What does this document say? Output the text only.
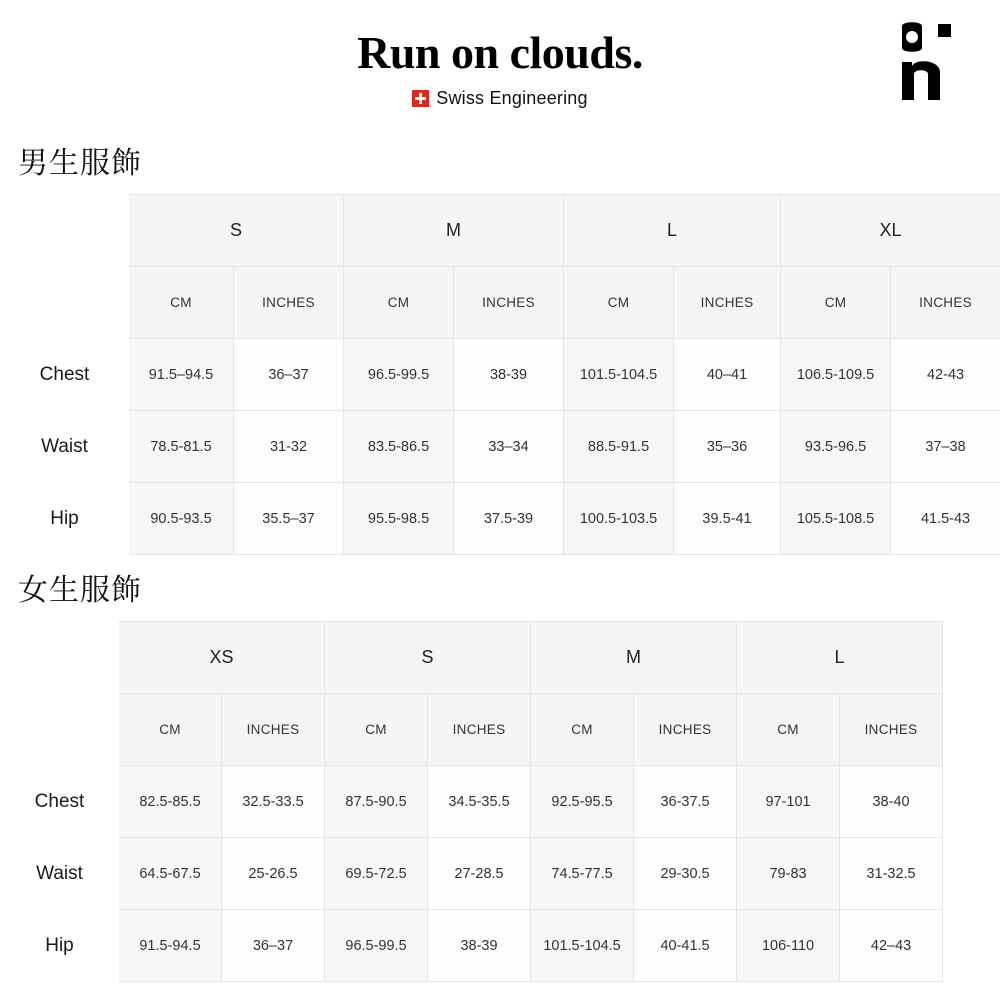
Run on clouds.
Swiss Engineering
男生服飾
	S		M		L		XL	
	CM	INCHES	CM	INCHES	CM	INCHES	CM	INCHES
Chest	91.5–94.5	36–37	96.5-99.5	38-39	101.5-104.5	40–41	106.5-109.5	42-43
Waist	78.5-81.5	31-32	83.5-86.5	33–34	88.5-91.5	35–36	93.5-96.5	37–38
Hip	90.5-93.5	35.5–37	95.5-98.5	37.5-39	100.5-103.5	39.5-41	105.5-108.5	41.5-43
女生服飾
	XS		S		M		L	
	CM	INCHES	CM	INCHES	CM	INCHES	CM	INCHES
Chest	82.5-85.5	32.5-33.5	87.5-90.5	34.5-35.5	92.5-95.5	36-37.5	97-101	38-40
Waist	64.5-67.5	25-26.5	69.5-72.5	27-28.5	74.5-77.5	29-30.5	79-83	31-32.5
Hip	91.5-94.5	36–37	96.5-99.5	38-39	101.5-104.5	40-41.5	106-110	42–43
